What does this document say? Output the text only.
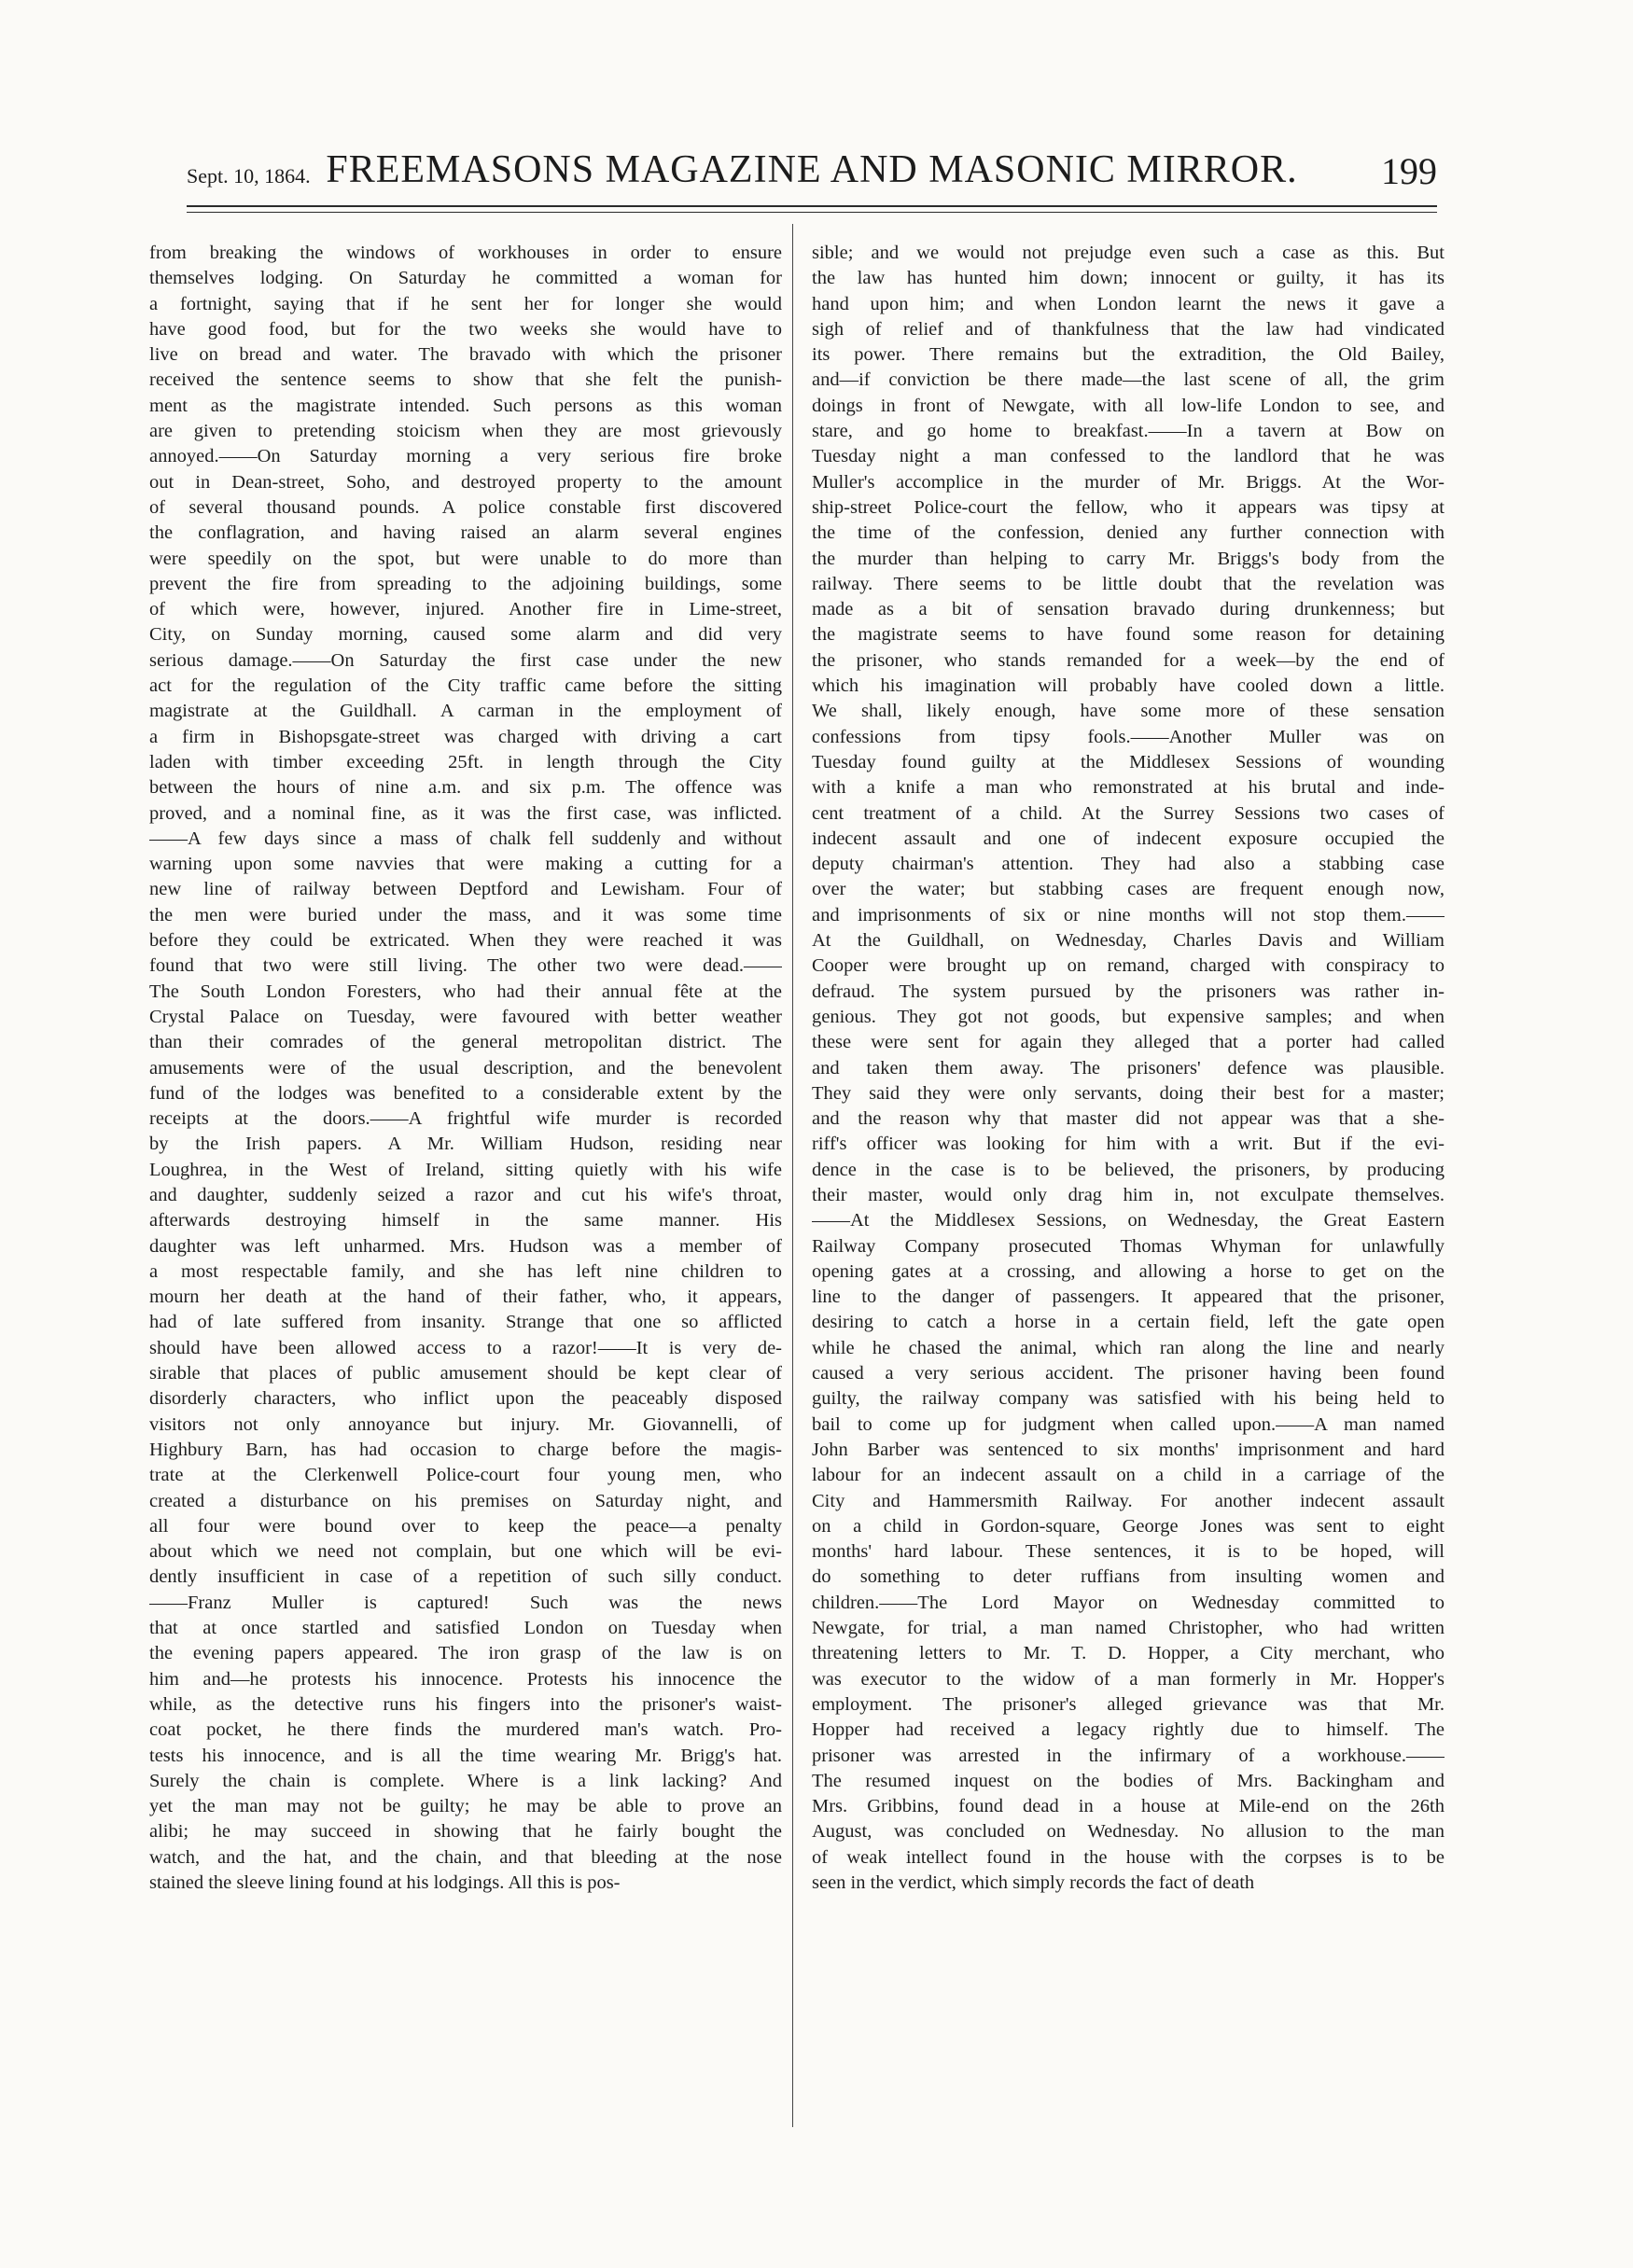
Sept. 10, 1864. FREEMASONS MAGAZINE AND MASONIC MIRROR.	199
from breaking the windows of workhouses in order to ensure
themselves lodging. On Saturday he committed a woman for
a fortnight, saying that if he sent her for longer she would
have good food, but for the two weeks she would have to
live on bread and water. The bravado with which the prisoner
received the sentence seems to show that she felt the punish-
ment as the magistrate intended. Such persons as this woman
are given to pretending stoicism when they are most grievously
annoyed.——On Saturday morning a very serious fire broke
out in Dean-street, Soho, and destroyed property to the amount
of several thousand pounds. A police constable first discovered
the conflagration, and having raised an alarm several engines
were speedily on the spot, but were unable to do more than
prevent the fire from spreading to the adjoining buildings, some
of which were, however, injured. Another fire in Lime-street,
City, on Sunday morning, caused some alarm and did very
serious damage.——On Saturday the first case under the new
act for the regulation of the City traffic came before the sitting
magistrate at the Guildhall. A carman in the employment of
a firm in Bishopsgate-street was charged with driving a cart
laden with timber exceeding 25ft. in length through the City
between the hours of nine a.m. and six p.m. The offence was
proved, and a nominal fine, as it was the first case, was inflicted.
——A few days since a mass of chalk fell suddenly and without
warning upon some navvies that were making a cutting for a
new line of railway between Deptford and Lewisham. Four of
the men were buried under the mass, and it was some time
before they could be extricated. When they were reached it was
found that two were still living. The other two were dead.——
The South London Foresters, who had their annual fête at the
Crystal Palace on Tuesday, were favoured with better weather
than their comrades of the general metropolitan district. The
amusements were of the usual description, and the benevolent
fund of the lodges was benefited to a considerable extent by the
receipts at the doors.——A frightful wife murder is recorded
by the Irish papers. A Mr. William Hudson, residing near
Loughrea, in the West of Ireland, sitting quietly with his wife
and daughter, suddenly seized a razor and cut his wife's throat,
afterwards destroying himself in the same manner. His
daughter was left unharmed. Mrs. Hudson was a member of
a most respectable family, and she has left nine children to
mourn her death at the hand of their father, who, it appears,
had of late suffered from insanity. Strange that one so afflicted
should have been allowed access to a razor!——It is very de-
sirable that places of public amusement should be kept clear of
disorderly characters, who inflict upon the peaceably disposed
visitors not only annoyance but injury. Mr. Giovannelli, of
Highbury Barn, has had occasion to charge before the magis-
trate at the Clerkenwell Police-court four young men, who
created a disturbance on his premises on Saturday night, and
all four were bound over to keep the peace—a penalty
about which we need not complain, but one which will be evi-
dently insufficient in case of a repetition of such silly conduct.
——Franz Muller is captured! Such was the news
that at once startled and satisfied London on Tuesday when
the evening papers appeared. The iron grasp of the law is on
him and—he protests his innocence. Protests his innocence the
while, as the detective runs his fingers into the prisoner's waist-
coat pocket, he there finds the murdered man's watch. Pro-
tests his innocence, and is all the time wearing Mr. Brigg's hat.
Surely the chain is complete. Where is a link lacking? And
yet the man may not be guilty; he may be able to prove an
alibi; he may succeed in showing that he fairly bought the
watch, and the hat, and the chain, and that bleeding at the nose
stained the sleeve lining found at his lodgings. All this is pos-
sible; and we would not prejudge even such a case as this. But
the law has hunted him down; innocent or guilty, it has its
hand upon him; and when London learnt the news it gave a
sigh of relief and of thankfulness that the law had vindicated
its power. There remains but the extradition, the Old Bailey,
and—if conviction be there made—the last scene of all, the grim
doings in front of Newgate, with all low-life London to see, and
stare, and go home to breakfast.——In a tavern at Bow on
Tuesday night a man confessed to the landlord that he was
Muller's accomplice in the murder of Mr. Briggs. At the Wor-
ship-street Police-court the fellow, who it appears was tipsy at
the time of the confession, denied any further connection with
the murder than helping to carry Mr. Briggs's body from the
railway. There seems to be little doubt that the revelation was
made as a bit of sensation bravado during drunkenness; but
the magistrate seems to have found some reason for detaining
the prisoner, who stands remanded for a week—by the end of
which his imagination will probably have cooled down a little.
We shall, likely enough, have some more of these sensation
confessions from tipsy fools.——Another Muller was on
Tuesday found guilty at the Middlesex Sessions of wounding
with a knife a man who remonstrated at his brutal and inde-
cent treatment of a child. At the Surrey Sessions two cases of
indecent assault and one of indecent exposure occupied the
deputy chairman's attention. They had also a stabbing case
over the water; but stabbing cases are frequent enough now,
and imprisonments of six or nine months will not stop them.——
At the Guildhall, on Wednesday, Charles Davis and William
Cooper were brought up on remand, charged with conspiracy to
defraud. The system pursued by the prisoners was rather in-
genious. They got not goods, but expensive samples; and when
these were sent for again they alleged that a porter had called
and taken them away. The prisoners' defence was plausible.
They said they were only servants, doing their best for a master;
and the reason why that master did not appear was that a she-
riff's officer was looking for him with a writ. But if the evi-
dence in the case is to be believed, the prisoners, by producing
their master, would only drag him in, not exculpate themselves.
——At the Middlesex Sessions, on Wednesday, the Great Eastern
Railway Company prosecuted Thomas Whyman for unlawfully
opening gates at a crossing, and allowing a horse to get on the
line to the danger of passengers. It appeared that the prisoner,
desiring to catch a horse in a certain field, left the gate open
while he chased the animal, which ran along the line and nearly
caused a very serious accident. The prisoner having been found
guilty, the railway company was satisfied with his being held to
bail to come up for judgment when called upon.——A man named
John Barber was sentenced to six months' imprisonment and hard
labour for an indecent assault on a child in a carriage of the
City and Hammersmith Railway. For another indecent assault
on a child in Gordon-square, George Jones was sent to eight
months' hard labour. These sentences, it is to be hoped, will
do something to deter ruffians from insulting women and
children.——The Lord Mayor on Wednesday committed to
Newgate, for trial, a man named Christopher, who had written
threatening letters to Mr. T. D. Hopper, a City merchant, who
was executor to the widow of a man formerly in Mr. Hopper's
employment. The prisoner's alleged grievance was that Mr.
Hopper had received a legacy rightly due to himself. The
prisoner was arrested in the infirmary of a workhouse.——
The resumed inquest on the bodies of Mrs. Backingham and
Mrs. Gribbins, found dead in a house at Mile-end on the 26th
August, was concluded on Wednesday. No allusion to the man
of weak intellect found in the house with the corpses is to be
seen in the verdict, which simply records the fact of death
